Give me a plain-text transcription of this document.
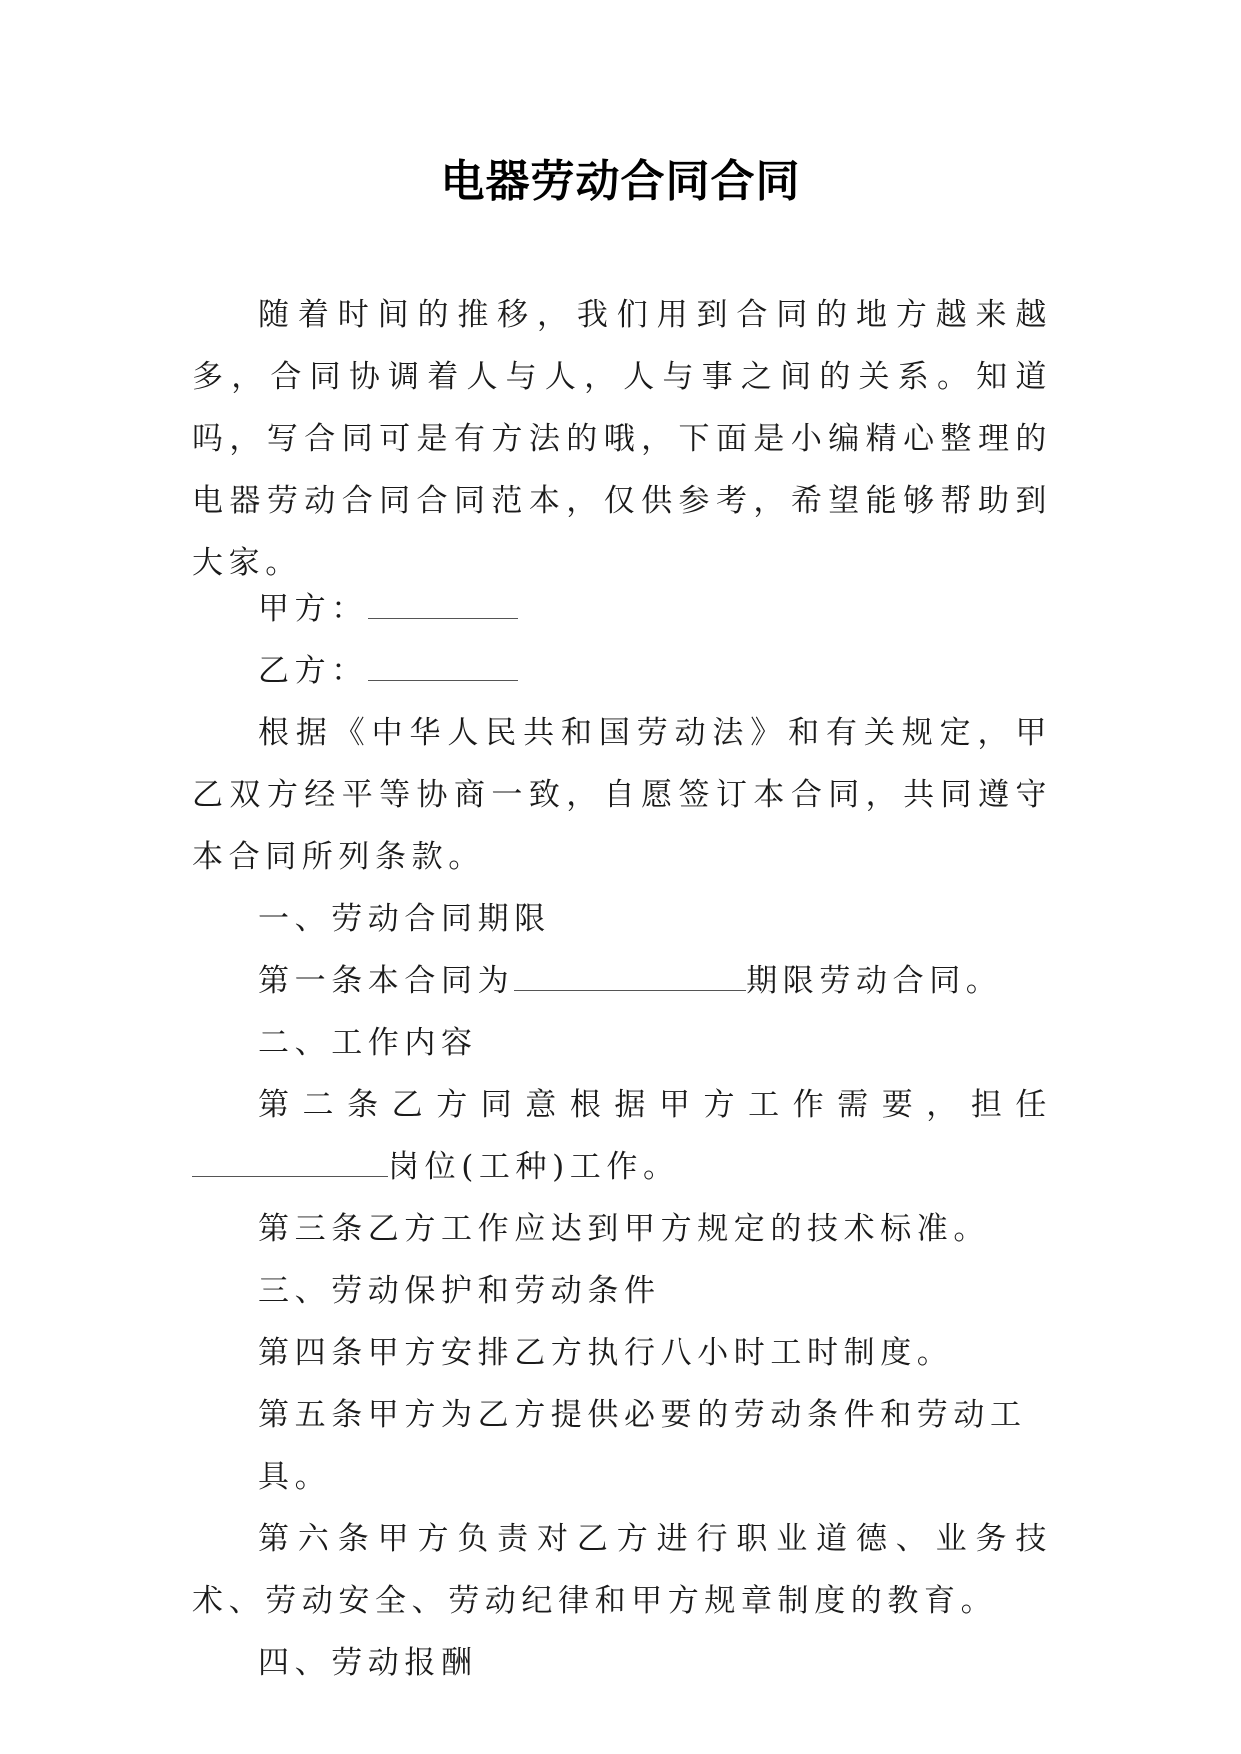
电器劳动合同合同

随着时间的推移，我们用到合同的地方越来越多，合同协调着人与人，人与事之间的关系。知道吗，写合同可是有方法的哦，下面是小编精心整理的电器劳动合同合同范本，仅供参考，希望能够帮助到大家。

甲方：

乙方：

根据《中华人民共和国劳动法》和有关规定，甲乙双方经平等协商一致，自愿签订本合同，共同遵守本合同所列条款。

一、劳动合同期限

第一条本合同为	期限劳动合同。

二、工作内容

第二条乙方同意根据甲方工作需要，担任岗位(工种)工作。

第三条乙方工作应达到甲方规定的技术标准。

三、劳动保护和劳动条件

第四条甲方安排乙方执行八小时工时制度。

第五条甲方为乙方提供必要的劳动条件和劳动工具。

第六条甲方负责对乙方进行职业道德、业务技术、劳动安全、劳动纪律和甲方规章制度的教育。

四、劳动报酬
